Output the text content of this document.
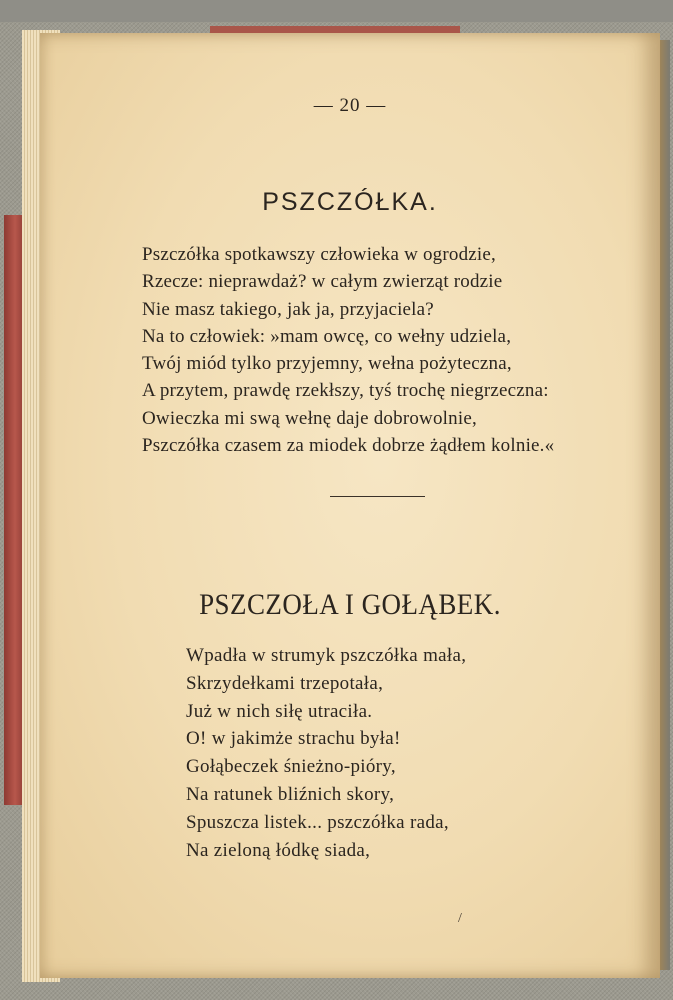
— 20 —
PSZCZÓŁKA.
Pszczółka spotkawszy człowieka w ogrodzie,
Rzecze: nieprawdaż? w całym zwierząt rodzie
Nie masz takiego, jak ja, przyjaciela?
Na to człowiek: »mam owcę, co wełny udziela,
Twój miód tylko przyjemny, wełna pożyteczna,
A przytem, prawdę rzekłszy, tyś trochę niegrzeczna:
Owieczka mi swą wełnę daje dobrowolnie,
Pszczółka czasem za miodek dobrze żądłem kolnie.«
PSZCZOŁA I GOŁĄBEK.
Wpadła w strumyk pszczółka mała,
Skrzydełkami trzepotała,
Już w nich siłę utraciła.
O! w jakimże strachu była!
Gołąbeczek śnieżno-pióry,
Na ratunek bliźnich skory,
Spuszcza listek... pszczółka rada,
Na zieloną łódkę siada,
/
